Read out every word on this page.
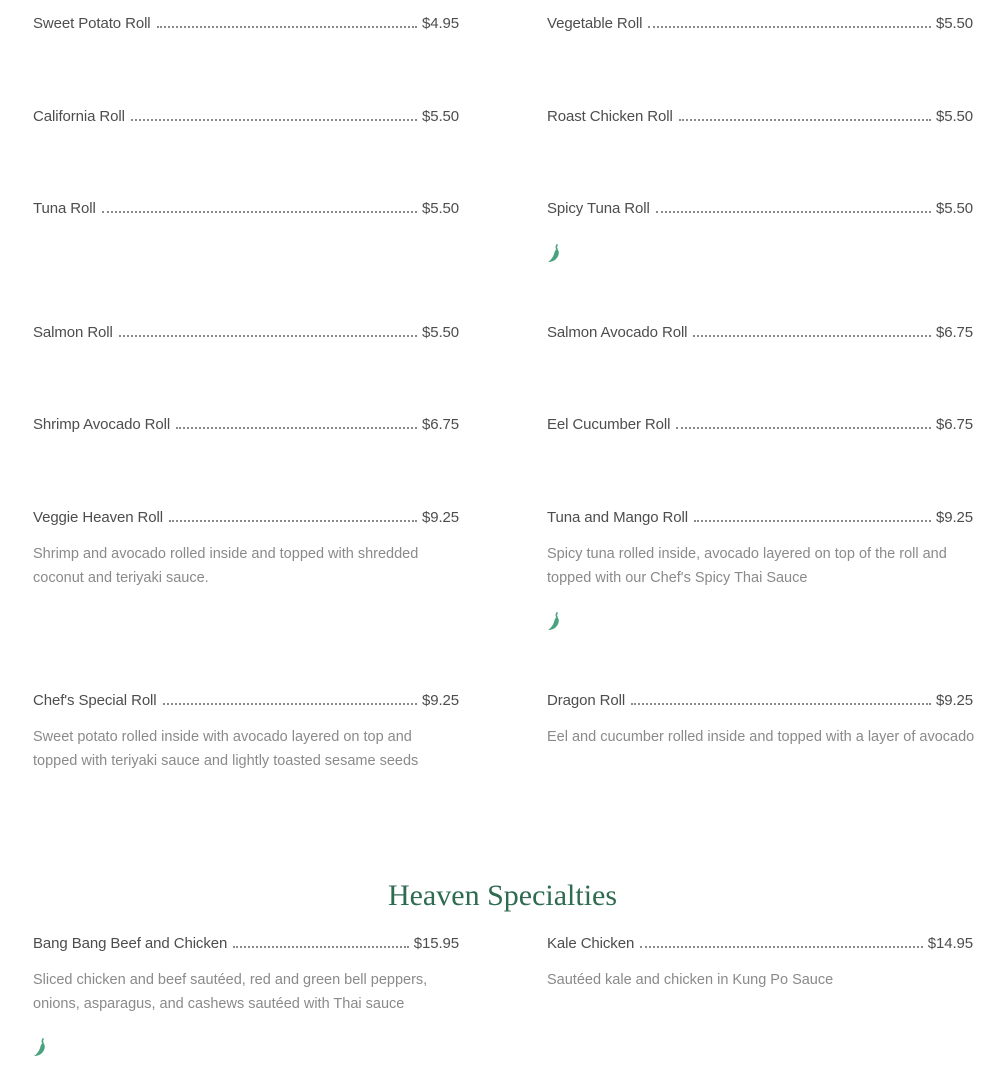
Sweet Potato Roll	$4.95	Vegetable Roll	$5.50
California Roll	$5.50	Roast Chicken Roll	$5.50
Tuna Roll	$5.50	Spicy Tuna Roll	$5.50
Salmon Roll	$5.50	Salmon Avocado Roll	$6.75
Shrimp Avocado Roll	$6.75	Eel Cucumber Roll	$6.75
Veggie Heaven Roll	$9.25
Shrimp and avocado rolled inside and topped with shredded coconut and teriyaki sauce.
Tuna and Mango Roll	$9.25
Spicy tuna rolled inside, avocado layered on top of the roll and topped with our Chef's Spicy Thai Sauce
Chef's Special Roll	$9.25
Sweet potato rolled inside with avocado layered on top and topped with teriyaki sauce and lightly toasted sesame seeds
Dragon Roll	$9.25
Eel and cucumber rolled inside and topped with a layer of avocado
Heaven Specialties
Bang Bang Beef and Chicken	$15.95
Sliced chicken and beef sautéed, red and green bell peppers, onions, asparagus, and cashews sautéed with Thai sauce
Kale Chicken	$14.95
Sautéed kale and chicken in Kung Po Sauce
